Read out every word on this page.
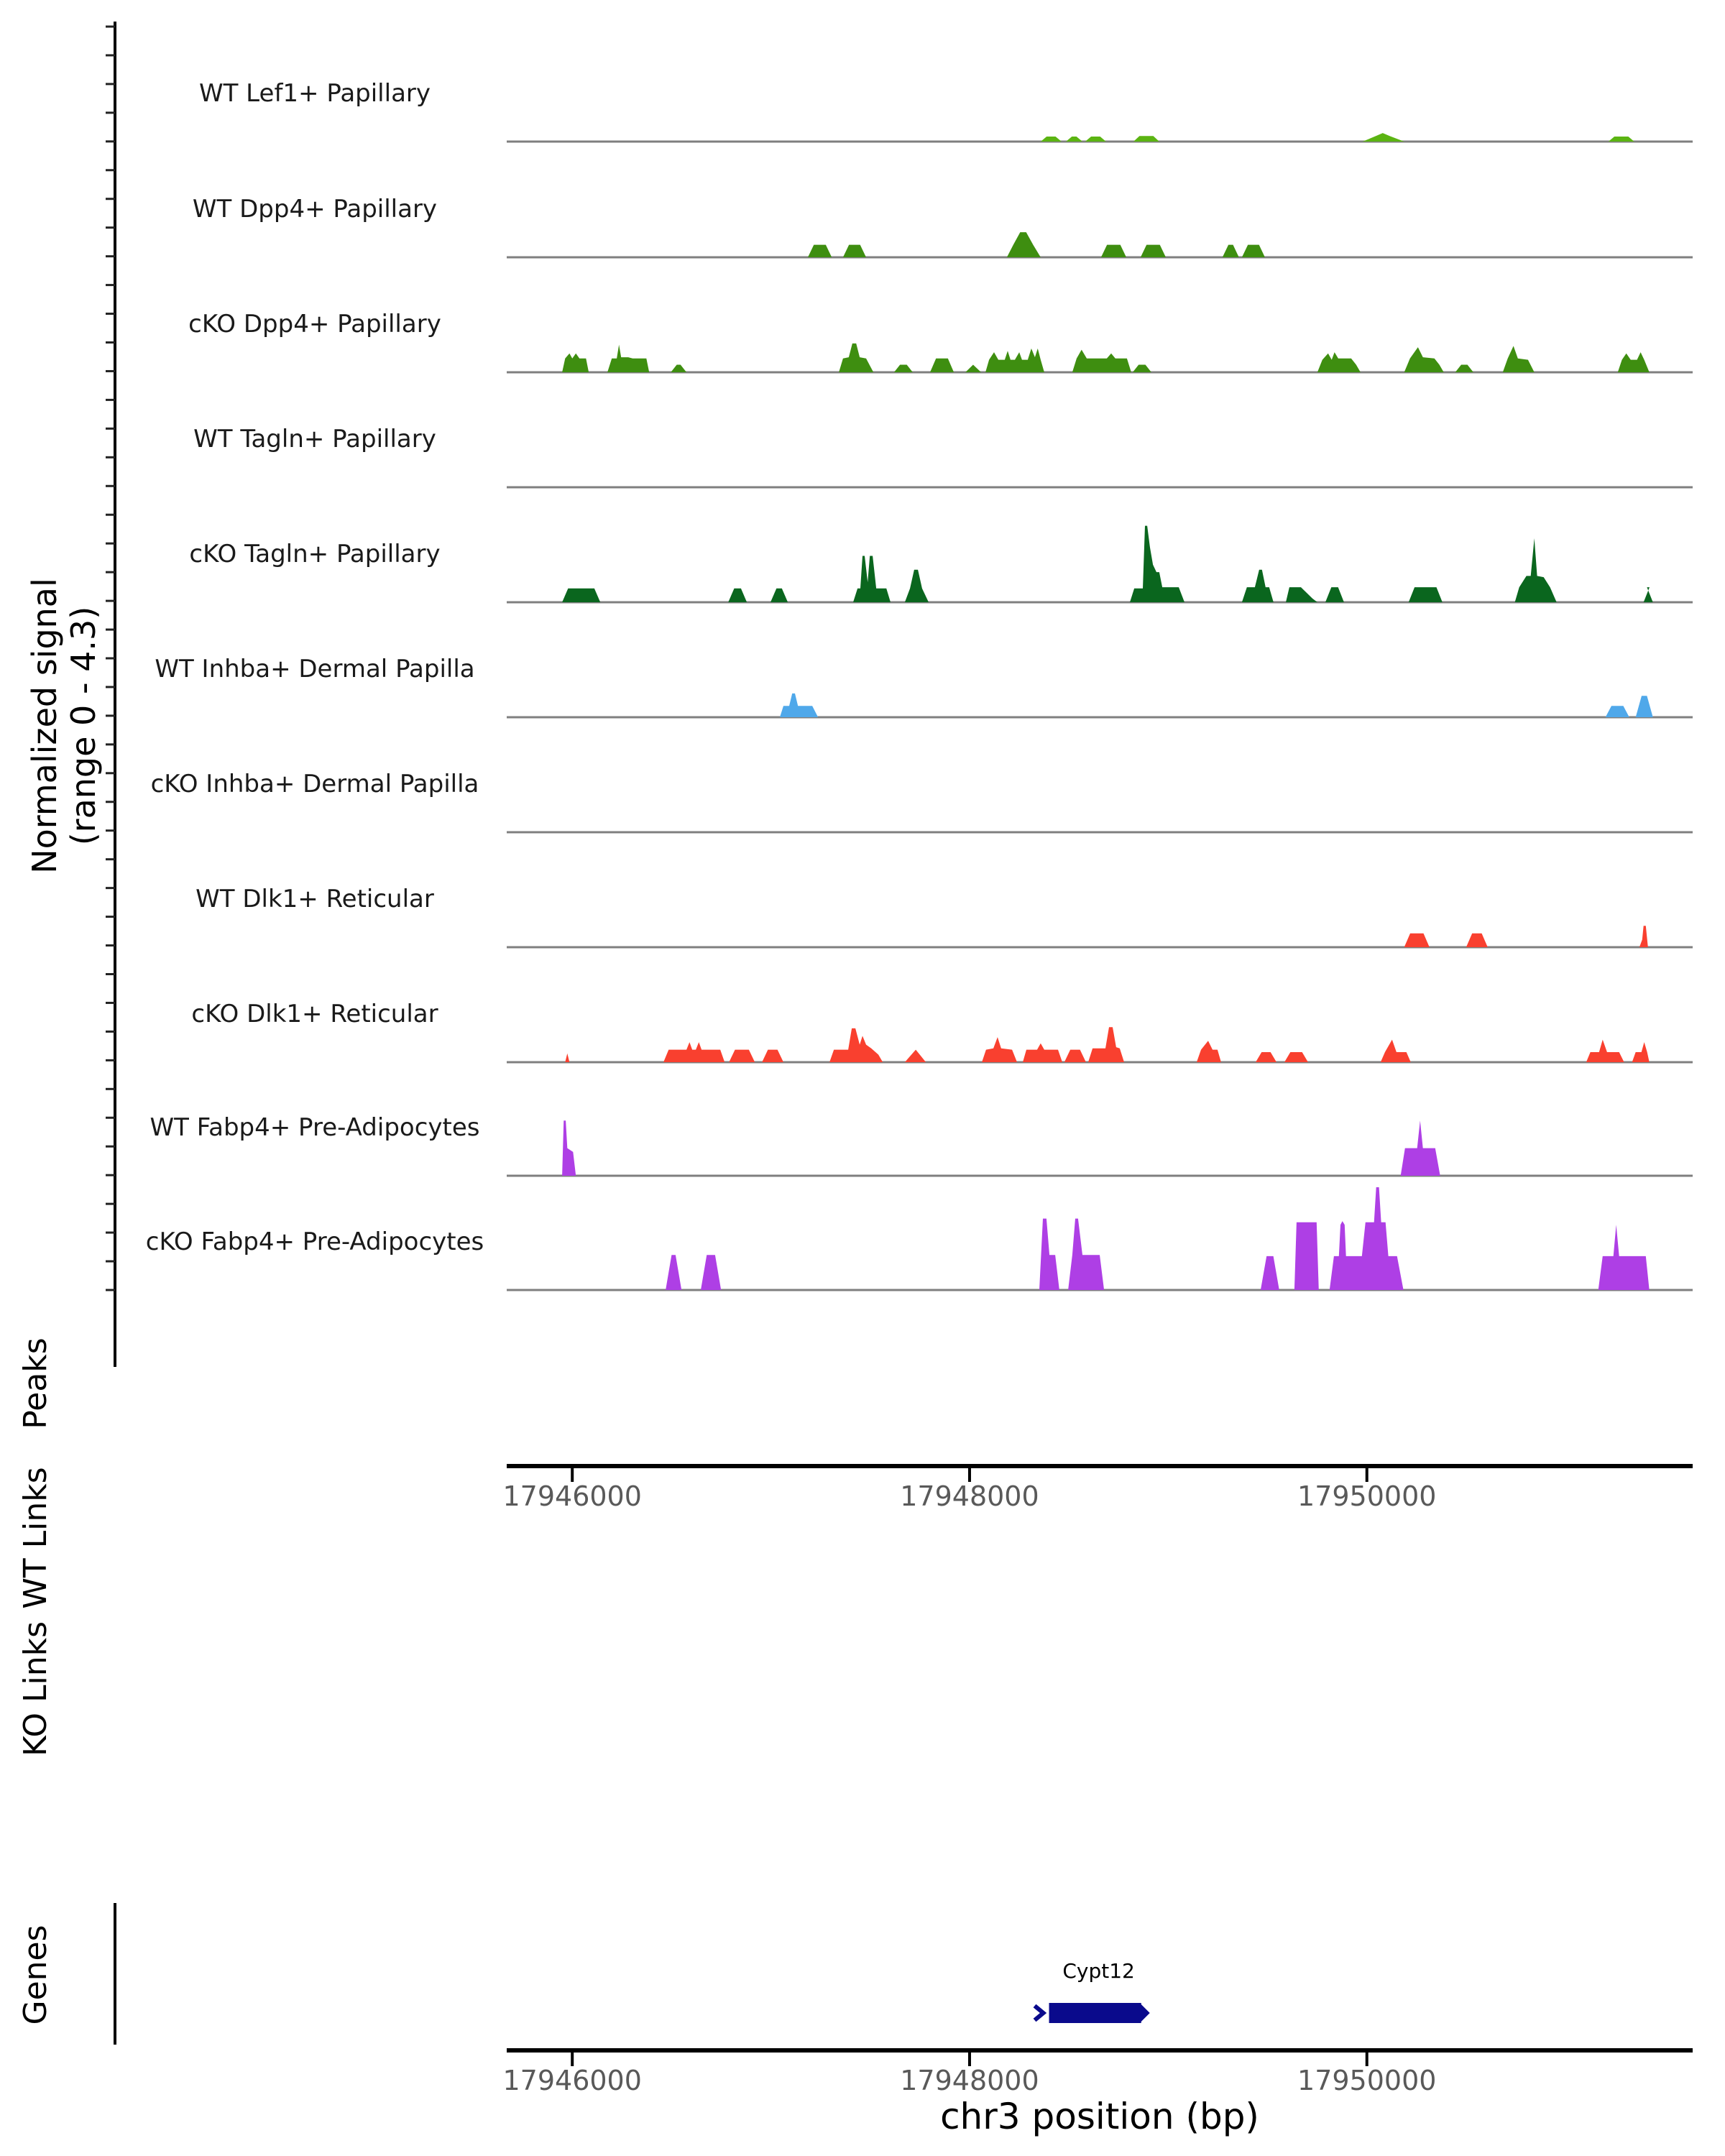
Normalized signal (range 0 - 4.3)
WT Lef1+ Papillary
WT Dpp4+ Papillary
cKO Dpp4+ Papillary
WT Tagln+ Papillary
cKO Tagln+ Papillary
WT Inhba+ Dermal Papilla
cKO Inhba+ Dermal Papilla
WT Dlk1+ Reticular
cKO Dlk1+ Reticular
WT Fabp4+ Pre-Adipocytes
cKO Fabp4+ Pre-Adipocytes
Peaks
WT Links
KO Links
Genes
17946000	17948000	17950000
17946000	17948000	17950000
Cypt12
chr3 position (bp)
